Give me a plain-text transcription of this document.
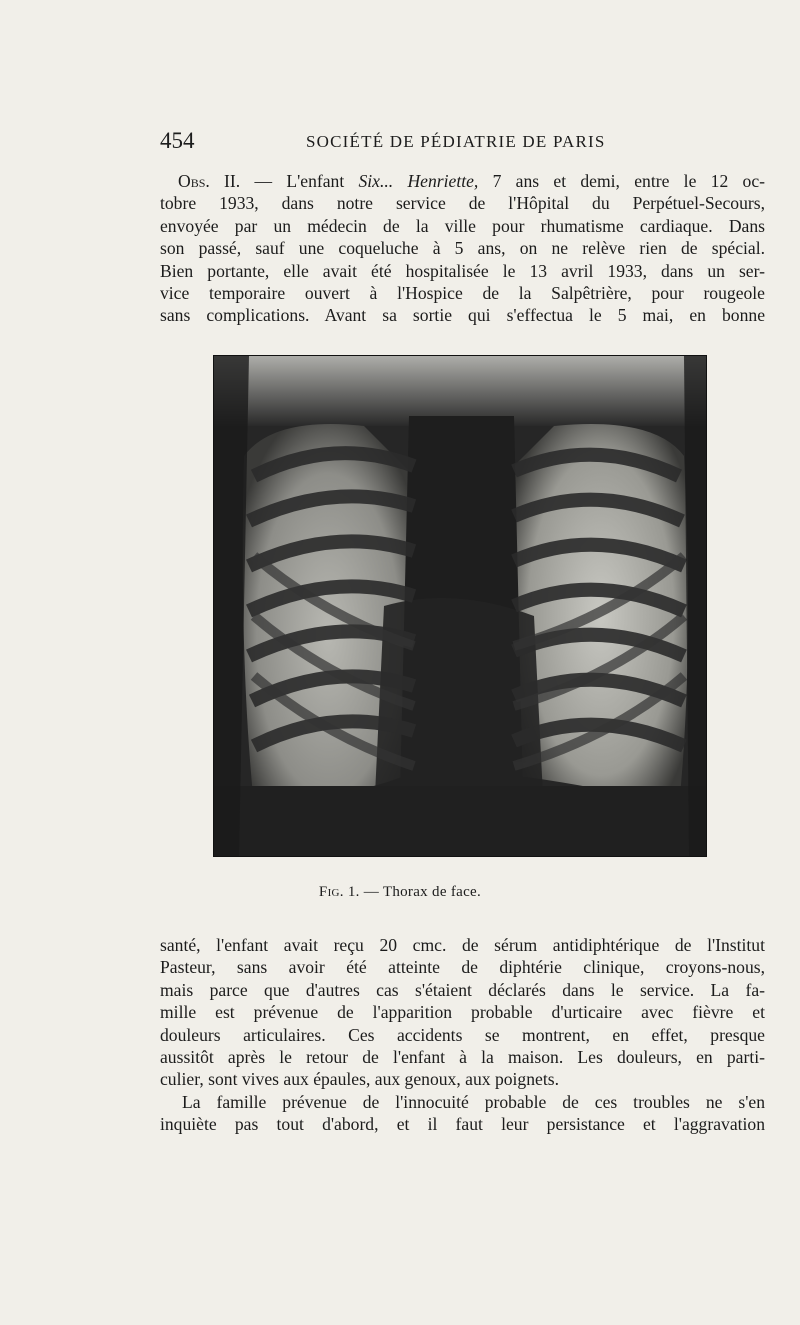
454	SOCIÉTÉ DE PÉDIATRIE DE PARIS
Obs. II. — L'enfant Six... Henriette, 7 ans et demi, entre le 12 oc-
tobre 1933, dans notre service de l'Hôpital du Perpétuel-Secours,
envoyée par un médecin de la ville pour rhumatisme cardiaque. Dans
son passé, sauf une coqueluche à 5 ans, on ne relève rien de spécial.
Bien portante, elle avait été hospitalisée le 13 avril 1933, dans un ser-
vice temporaire ouvert à l'Hospice de la Salpêtrière, pour rougeole
sans complications. Avant sa sortie qui s'effectua le 5 mai, en bonne
Fig. 1. — Thorax de face.
santé, l'enfant avait reçu 20 cmc. de sérum antidiphtérique de l'Institut
Pasteur, sans avoir été atteinte de diphtérie clinique, croyons-nous,
mais parce que d'autres cas s'étaient déclarés dans le service. La fa-
mille est prévenue de l'apparition probable d'urticaire avec fièvre et
douleurs articulaires. Ces accidents se montrent, en effet, presque
aussitôt après le retour de l'enfant à la maison. Les douleurs, en parti-
culier, sont vives aux épaules, aux genoux, aux poignets.
La famille prévenue de l'innocuité probable de ces troubles ne s'en
inquiète pas tout d'abord, et il faut leur persistance et l'aggravation
